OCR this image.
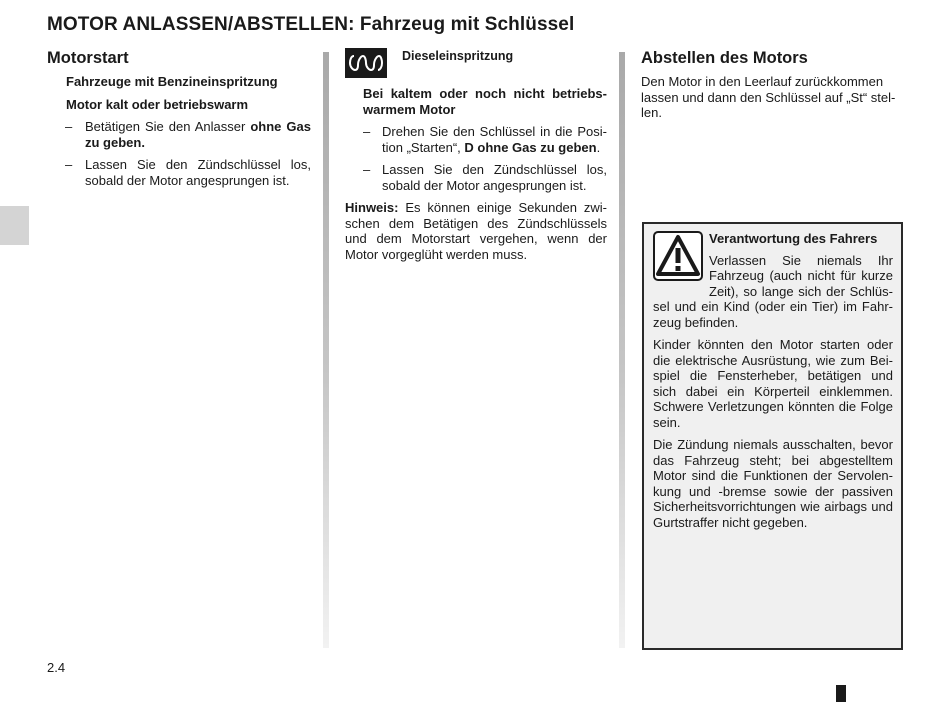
MOTOR ANLASSEN/ABSTELLEN: Fahrzeug mit Schlüssel
Motorstart
Fahrzeuge mit Benzineinspritzung
Motor kalt oder betriebswarm
– Betätigen Sie den Anlasser ohne Gas zu geben.
– Lassen Sie den Zündschlüssel los, sobald der Motor angesprungen ist.
Dieseleinspritzung
Bei kaltem oder noch nicht betriebswarmem Motor
– Drehen Sie den Schlüssel in die Position „Starten“, D ohne Gas zu geben.
– Lassen Sie den Zündschlüssel los, sobald der Motor angesprungen ist.
Hinweis: Es können einige Sekunden zwischen dem Betätigen des Zündschlüssels und dem Motorstart vergehen, wenn der Motor vorgeglüht werden muss.
Abstellen des Motors
Den Motor in den Leerlauf zurückkommen lassen und dann den Schlüssel auf „St“ stellen.
Verantwortung des Fahrers
Verlassen Sie niemals Ihr Fahrzeug (auch nicht für kurze Zeit), so lange sich der Schlüssel und ein Kind (oder ein Tier) im Fahrzeug befinden.
Kinder könnten den Motor starten oder die elektrische Ausrüstung, wie zum Beispiel die Fensterheber, betätigen und sich dabei ein Körperteil einklemmen. Schwere Verletzungen könnten die Folge sein.
Die Zündung niemals ausschalten, bevor das Fahrzeug steht; bei abgestelltem Motor sind die Funktionen der Servolenkung und -bremse sowie der passiven Sicherheitsvorrichtungen wie airbags und Gurtstraffer nicht gegeben.
2.4
